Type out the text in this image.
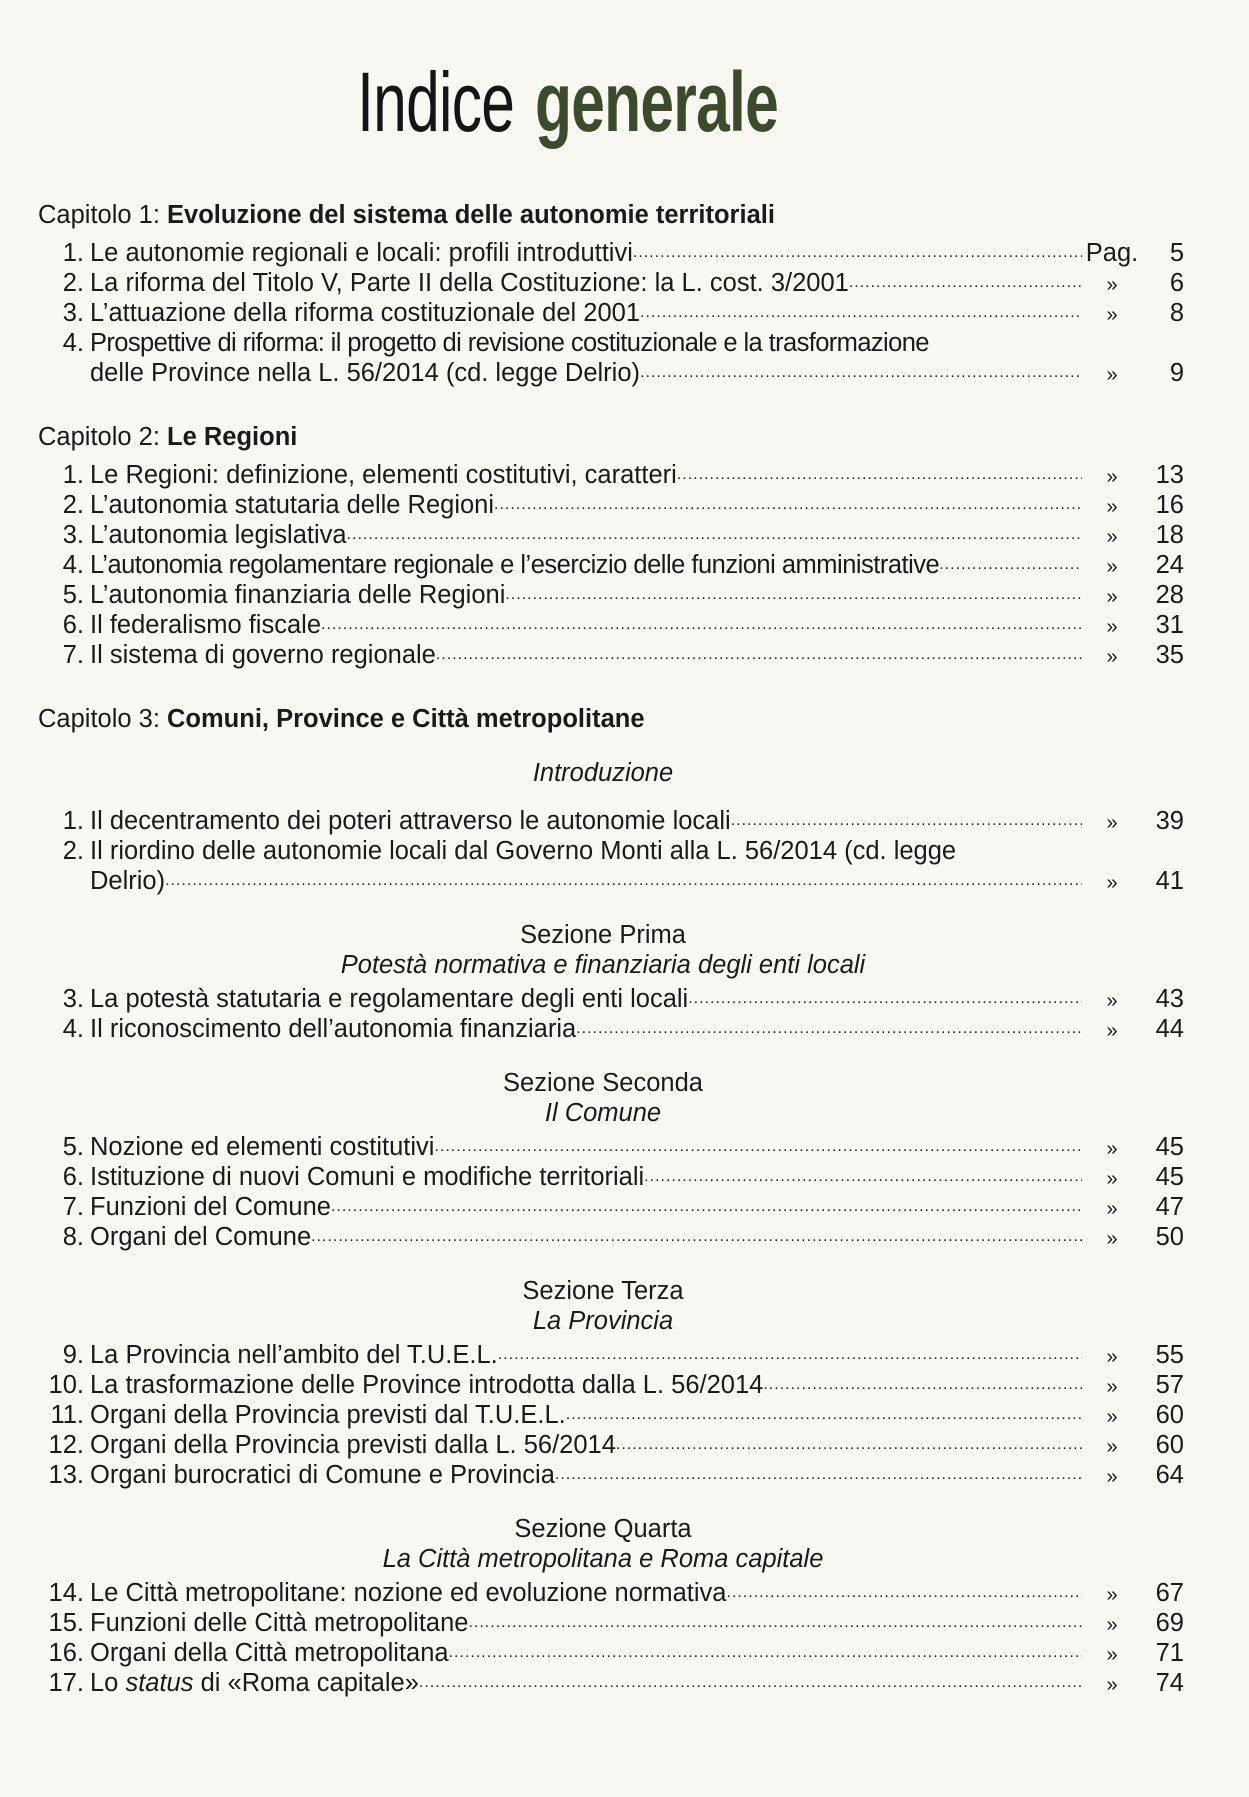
Indice generale
Capitolo 1: Evoluzione del sistema delle autonomie territoriali
1. Le autonomie regionali e locali: profili introduttivi .....	Pag.	5
2. La riforma del Titolo V, Parte II della Costituzione: la L. cost. 3/2001 .....	»	6
3. L’attuazione della riforma costituzionale del 2001 .....	»	8
4. Prospettive di riforma: il progetto di revisione costituzionale e la trasformazione
delle Province nella L. 56/2014 (cd. legge Delrio) .....	»	9
Capitolo 2: Le Regioni
1. Le Regioni: definizione, elementi costitutivi, caratteri .....	»	13
2. L’autonomia statutaria delle Regioni .....	»	16
3. L’autonomia legislativa .....	»	18
4. L’autonomia regolamentare regionale e l’esercizio delle funzioni amministrative .....	»	24
5. L’autonomia finanziaria delle Regioni .....	»	28
6. Il federalismo fiscale .....	»	31
7. Il sistema di governo regionale .....	»	35
Capitolo 3: Comuni, Province e Città metropolitane
Introduzione
1. Il decentramento dei poteri attraverso le autonomie locali .....	»	39
2. Il riordino delle autonomie locali dal Governo Monti alla L. 56/2014 (cd. legge
Delrio) .....	»	41
Sezione Prima
Potestà normativa e finanziaria degli enti locali
3. La potestà statutaria e regolamentare degli enti locali .....	»	43
4. Il riconoscimento dell’autonomia finanziaria .....	»	44
Sezione Seconda
Il Comune
5. Nozione ed elementi costitutivi .....	»	45
6. Istituzione di nuovi Comuni e modifiche territoriali .....	»	45
7. Funzioni del Comune .....	»	47
8. Organi del Comune .....	»	50
Sezione Terza
La Provincia
9. La Provincia nell’ambito del T.U.E.L. .....	»	55
10. La trasformazione delle Province introdotta dalla L. 56/2014 .....	»	57
11. Organi della Provincia previsti dal T.U.E.L. .....	»	60
12. Organi della Provincia previsti dalla L. 56/2014 .....	»	60
13. Organi burocratici di Comune e Provincia .....	»	64
Sezione Quarta
La Città metropolitana e Roma capitale
14. Le Città metropolitane: nozione ed evoluzione normativa .....	»	67
15. Funzioni delle Città metropolitane .....	»	69
16. Organi della Città metropolitana .....	»	71
17. Lo status di «Roma capitale» .....	»	74
